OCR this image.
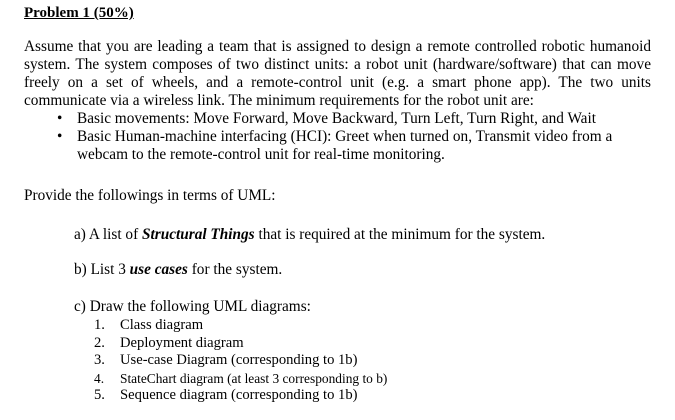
Problem 1 (50%)
Assume that you are leading a team that is assigned to design a remote controlled robotic humanoid system. The system composes of two distinct units: a robot unit (hardware/software) that can move freely on a set of wheels, and a remote-control unit (e.g. a smart phone app). The two units communicate via a wireless link. The minimum requirements for the robot unit are:
• Basic movements: Move Forward, Move Backward, Turn Left, Turn Right, and Wait
• Basic Human-machine interfacing (HCI): Greet when turned on, Transmit video from a webcam to the remote-control unit for real-time monitoring.
Provide the followings in terms of UML:
a) A list of Structural Things that is required at the minimum for the system.
b) List 3 use cases for the system.
c) Draw the following UML diagrams:
1. Class diagram
2. Deployment diagram
3. Use-case Diagram (corresponding to 1b)
4. StateChart diagram (at least 3 corresponding to b)
5. Sequence diagram (corresponding to 1b)
